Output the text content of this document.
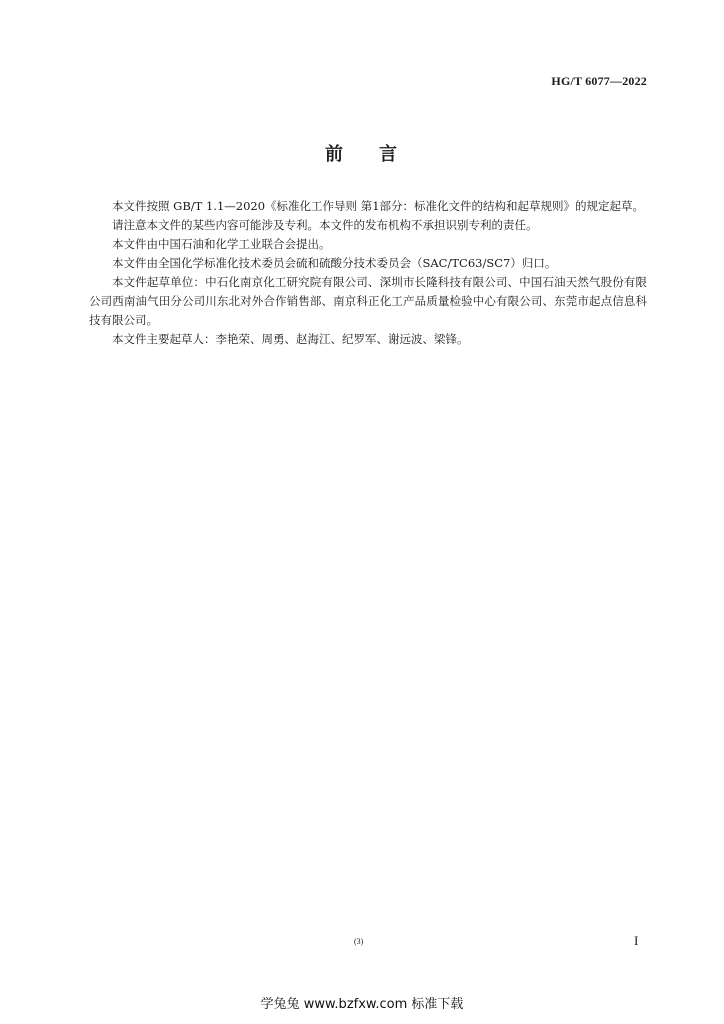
HG/T 6077—2022
前 言

本文件按照 GB/T 1.1—2020《标准化工作导则 第1部分：标准化文件的结构和起草规则》的规定起草。

请注意本文件的某些内容可能涉及专利。本文件的发布机构不承担识别专利的责任。

本文件由中国石油和化学工业联合会提出。

本文件由全国化学标准化技术委员会硫和硫酸分技术委员会（SAC/TC63/SC7）归口。

本文件起草单位：中石化南京化工研究院有限公司、深圳市长隆科技有限公司、中国石油天然气股份有限公司西南油气田分公司川东北对外合作销售部、南京科正化工产品质量检验中心有限公司、东莞市起点信息科技有限公司。

本文件主要起草人：李艳荣、周勇、赵海江、纪罗军、谢远波、梁锋。

(3)	I
学兔兔 www.bzfxw.com 标准下载
